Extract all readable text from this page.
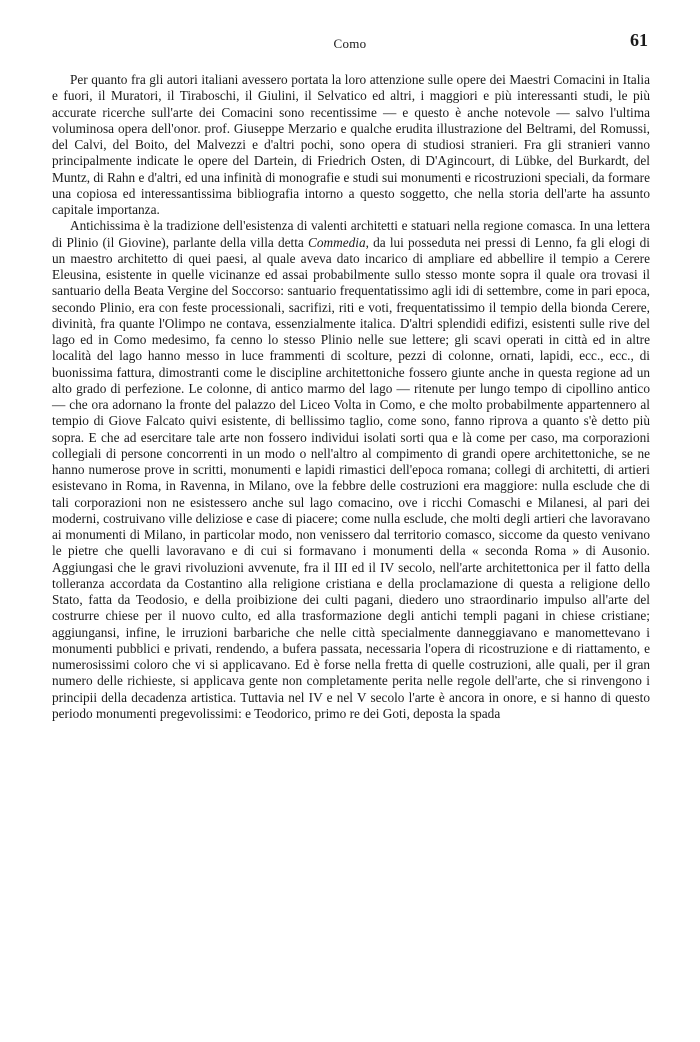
Como	61

Per quanto fra gli autori italiani avessero portata la loro attenzione sulle opere dei Maestri Comacini in Italia e fuori, il Muratori, il Tiraboschi, il Giulini, il Selvatico ed altri, i maggiori e più interessanti studi, le più accurate ricerche sull'arte dei Comacini sono recentissime — e questo è anche notevole — salvo l'ultima voluminosa opera dell'onor. prof. Giuseppe Merzario e qualche erudita illustrazione del Beltrami, del Romussi, del Calvi, del Boito, del Malvezzi e d'altri pochi, sono opera di studiosi stranieri. Fra gli stranieri vanno principalmente indicate le opere del Dartein, di Friedrich Osten, di D'Agincourt, di Lübke, del Burkardt, del Muntz, di Rahn e d'altri, ed una infinità di monografie e studi sui monumenti e ricostruzioni speciali, da formare una copiosa ed interessantissima bibliografia intorno a questo soggetto, che nella storia dell'arte ha assunto capitale importanza.

Antichissima è la tradizione dell'esistenza di valenti architetti e statuari nella regione comasca. In una lettera di Plinio (il Giovine), parlante della villa detta Commedia, da lui posseduta nei pressi di Lenno, fa gli elogi di un maestro architetto di quei paesi, al quale aveva dato incarico di ampliare ed abbellire il tempio a Cerere Eleusina, esistente in quelle vicinanze ed assai probabilmente sullo stesso monte sopra il quale ora trovasi il santuario della Beata Vergine del Soccorso: santuario frequentatissimo agli idi di settembre, come in pari epoca, secondo Plinio, era con feste processionali, sacrifizi, riti e voti, frequentatissimo il tempio della bionda Cerere, divinità, fra quante l'Olimpo ne contava, essenzialmente italica. D'altri splendidi edifizi, esistenti sulle rive del lago ed in Como medesimo, fa cenno lo stesso Plinio nelle sue lettere; gli scavi operati in città ed in altre località del lago hanno messo in luce frammenti di scolture, pezzi di colonne, ornati, lapidi, ecc., ecc., di buonissima fattura, dimostranti come le discipline architettoniche fossero giunte anche in questa regione ad un alto grado di perfezione. Le colonne, di antico marmo del lago — ritenute per lungo tempo di cipollino antico — che ora adornano la fronte del palazzo del Liceo Volta in Como, e che molto probabilmente appartennero al tempio di Giove Falcato quivi esistente, di bellissimo taglio, come sono, fanno riprova a quanto s'è detto più sopra. E che ad esercitare tale arte non fossero individui isolati sorti qua e là come per caso, ma corporazioni collegiali di persone concorrenti in un modo o nell'altro al compimento di grandi opere architettoniche, se ne hanno numerose prove in scritti, monumenti e lapidi rimastici dell'epoca romana; collegi di architetti, di artieri esistevano in Roma, in Ravenna, in Milano, ove la febbre delle costruzioni era maggiore: nulla esclude che di tali corporazioni non ne esistessero anche sul lago comacino, ove i ricchi Comaschi e Milanesi, al pari dei moderni, costruivano ville deliziose e case di piacere; come nulla esclude, che molti degli artieri che lavoravano ai monumenti di Milano, in particolar modo, non venissero dal territorio comasco, siccome da questo venivano le pietre che quelli lavoravano e di cui si formavano i monumenti della « seconda Roma » di Ausonio. Aggiungasi che le gravi rivoluzioni avvenute, fra il III ed il IV secolo, nell'arte architettonica per il fatto della tolleranza accordata da Costantino alla religione cristiana e della proclamazione di questa a religione dello Stato, fatta da Teodosio, e della proibizione dei culti pagani, diedero uno straordinario impulso all'arte del costrurre chiese per il nuovo culto, ed alla trasformazione degli antichi templi pagani in chiese cristiane; aggiungansi, infine, le irruzioni barbariche che nelle città specialmente danneggiavano e manomettevano i monumenti pubblici e privati, rendendo, a bufera passata, necessaria l'opera di ricostruzione e di riattamento, e numerosissimi coloro che vi si applicavano. Ed è forse nella fretta di quelle costruzioni, alle quali, per il gran numero delle richieste, si applicava gente non completamente perita nelle regole dell'arte, che si rinvengono i principii della decadenza artistica. Tuttavia nel IV e nel V secolo l'arte è ancora in onore, e si hanno di questo periodo monumenti pregevolissimi: e Teodorico, primo re dei Goti, deposta la spada
